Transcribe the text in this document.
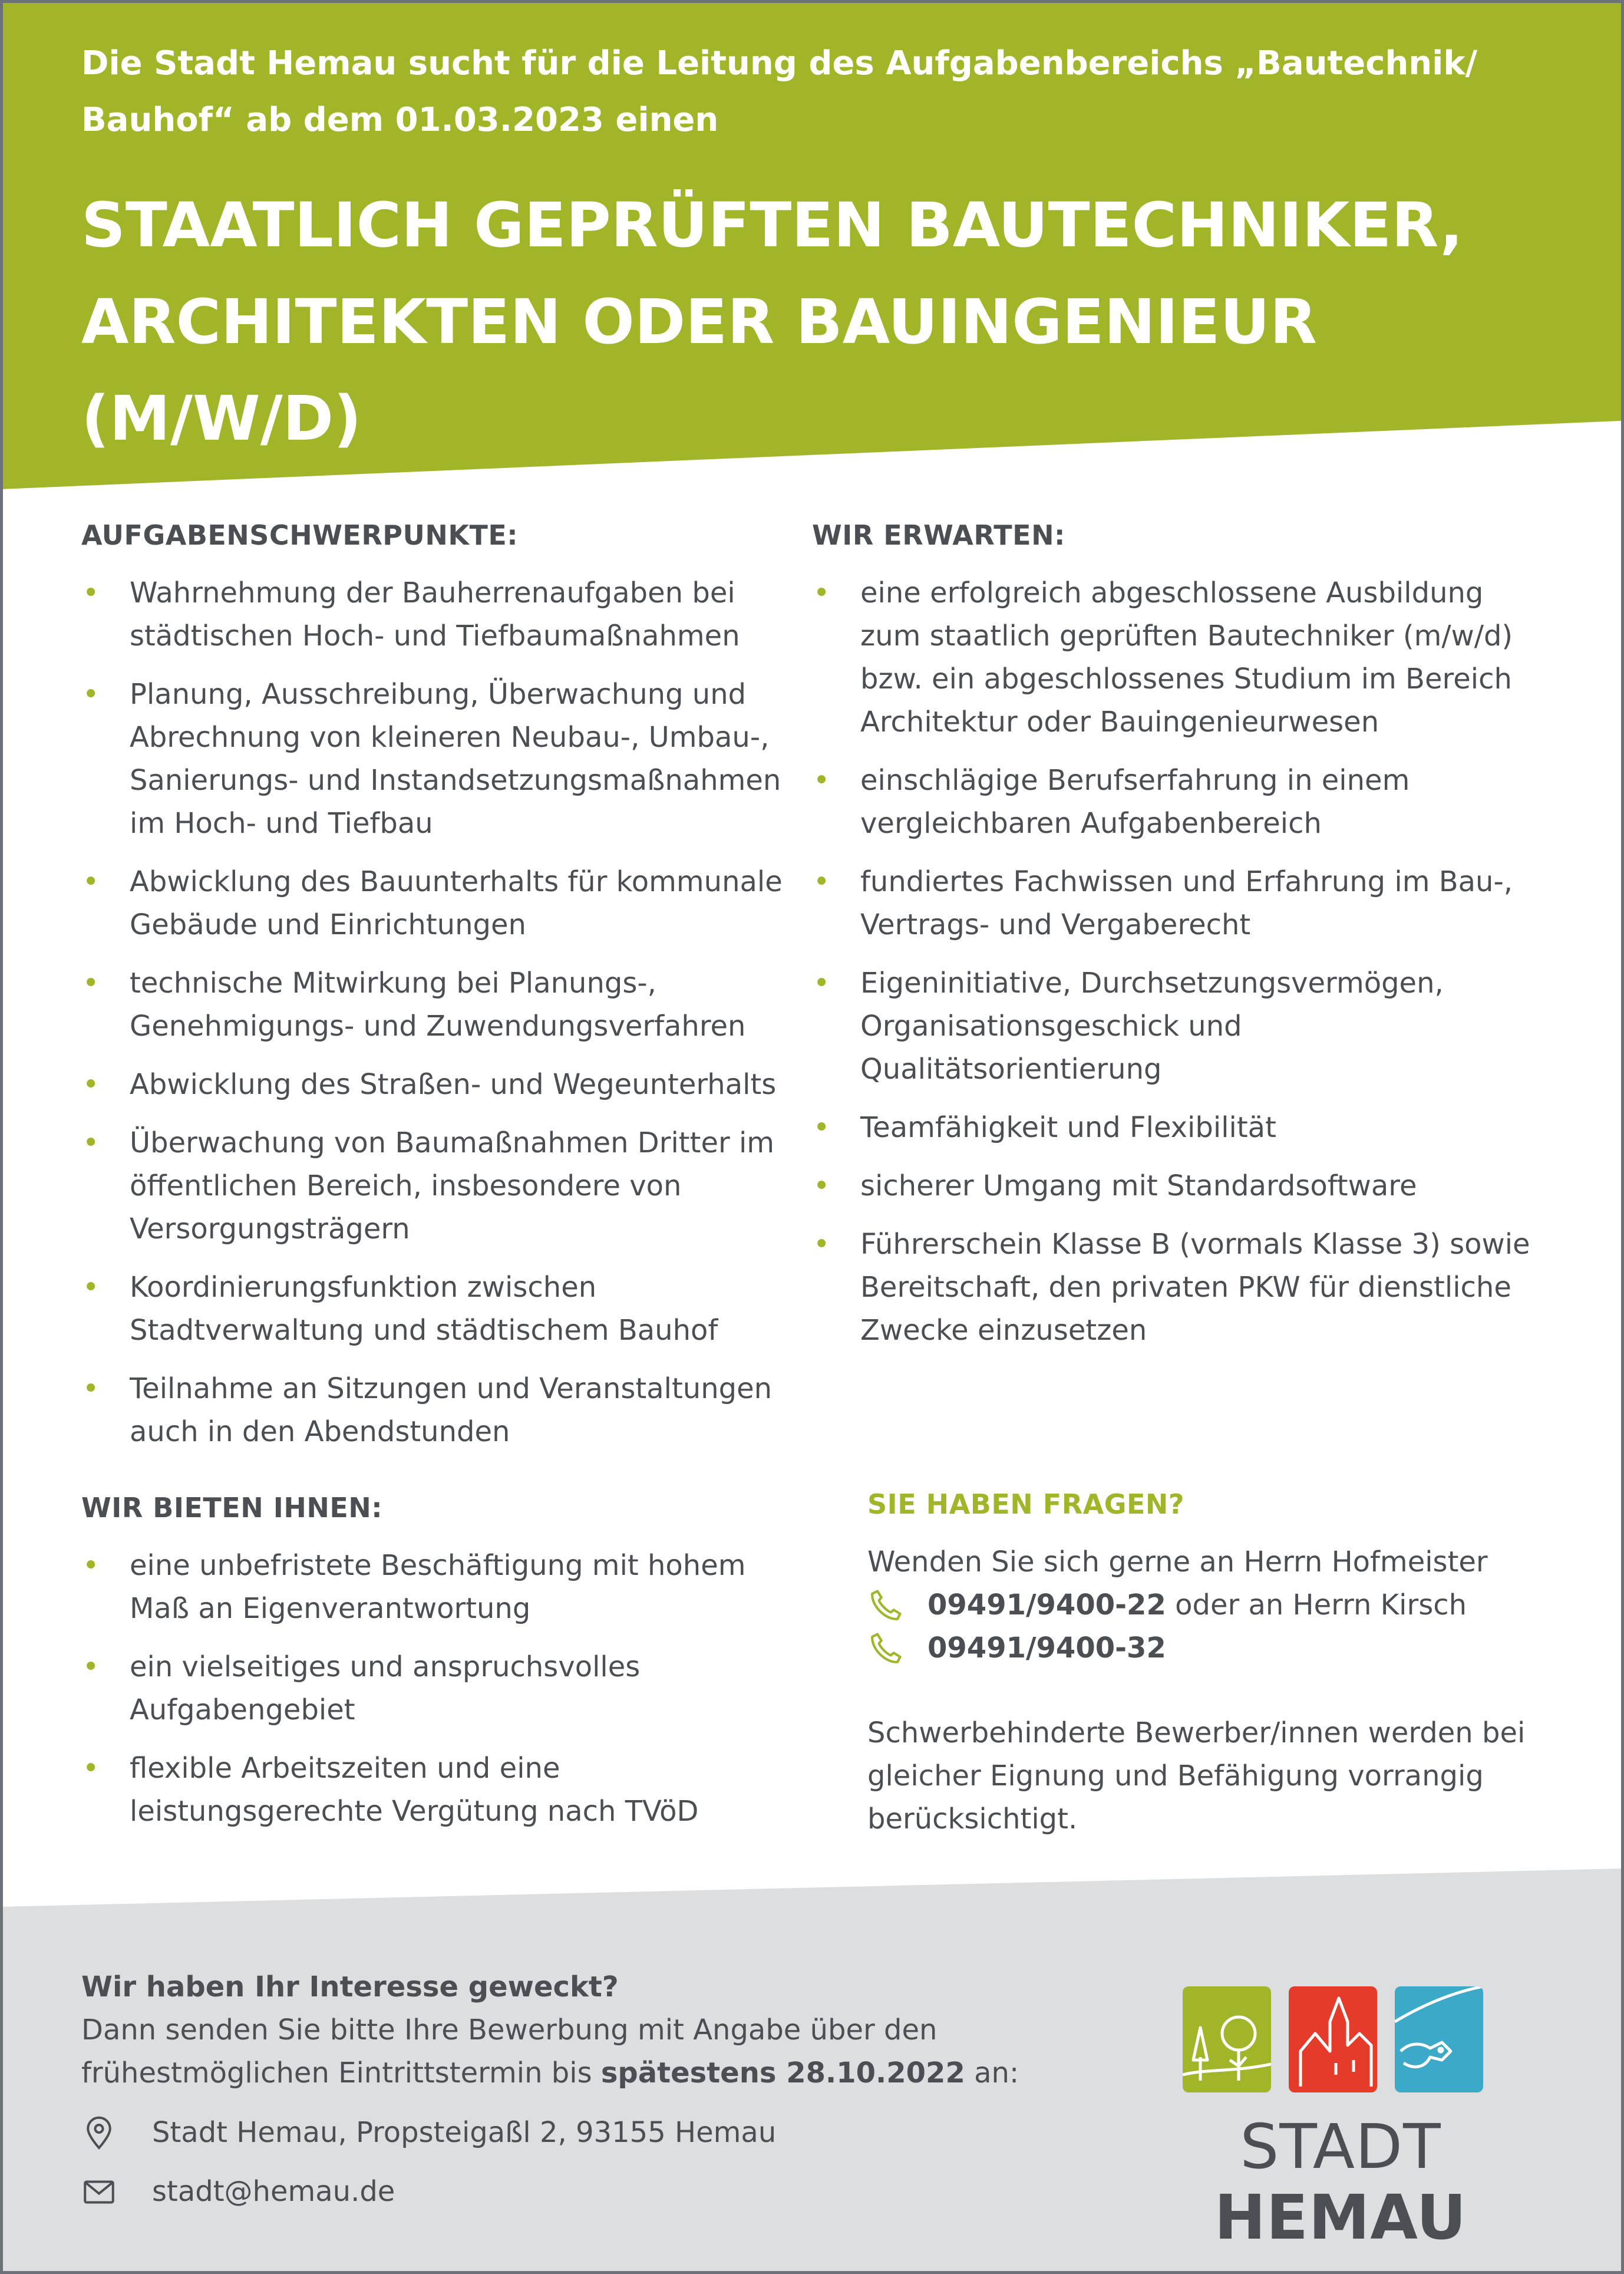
Die Stadt Hemau sucht für die Leitung des Aufgabenbereichs „Bautechnik/
Bauhof“ ab dem 01.03.2023 einen
STAATLICH GEPRÜFTEN BAUTECHNIKER,
ARCHITEKTEN ODER BAUINGENIEUR
(M/W/D)
AUFGABENSCHWERPUNKTE:
• Wahrnehmung der Bauherrenaufgaben bei städtischen Hoch- und Tiefbaumaßnahmen
• Planung, Ausschreibung, Überwachung und Abrechnung von kleineren Neubau-, Umbau-, Sanierungs- und Instandsetzungsmaßnahmen im Hoch- und Tiefbau
• Abwicklung des Bauunterhalts für kommunale Gebäude und Einrichtungen
• technische Mitwirkung bei Planungs-, Genehmigungs- und Zuwendungsverfahren
• Abwicklung des Straßen- und Wegeunterhalts
• Überwachung von Baumaßnahmen Dritter im öffentlichen Bereich, insbesondere von Versorgungsträgern
• Koordinierungsfunktion zwischen Stadtverwaltung und städtischem Bauhof
• Teilnahme an Sitzungen und Veranstaltungen auch in den Abendstunden
WIR ERWARTEN:
• eine erfolgreich abgeschlossene Ausbildung zum staatlich geprüften Bautechniker (m/w/d) bzw. ein abgeschlossenes Studium im Bereich Architektur oder Bauingenieurwesen
• einschlägige Berufserfahrung in einem vergleichbaren Aufgabenbereich
• fundiertes Fachwissen und Erfahrung im Bau-, Vertrags- und Vergaberecht
• Eigeninitiative, Durchsetzungsvermögen, Organisationsgeschick und Qualitätsorientierung
• Teamfähigkeit und Flexibilität
• sicherer Umgang mit Standardsoftware
• Führerschein Klasse B (vormals Klasse 3) sowie Bereitschaft, den privaten PKW für dienstliche Zwecke einzusetzen
WIR BIETEN IHNEN:
• eine unbefristete Beschäftigung mit hohem Maß an Eigenverantwortung
• ein vielseitiges und anspruchsvolles Aufgabengebiet
• flexible Arbeitszeiten und eine leistungsgerechte Vergütung nach TVöD
SIE HABEN FRAGEN?
Wenden Sie sich gerne an Herrn Hofmeister
09491/9400-22 oder an Herrn Kirsch
09491/9400-32
Schwerbehinderte Bewerber/innen werden bei gleicher Eignung und Befähigung vorrangig berücksichtigt.
Wir haben Ihr Interesse geweckt?
Dann senden Sie bitte Ihre Bewerbung mit Angabe über den frühestmöglichen Eintrittstermin bis spätestens 28.10.2022 an:
Stadt Hemau, Propsteigaßl 2, 93155 Hemau
stadt@hemau.de
STADT HEMAU
